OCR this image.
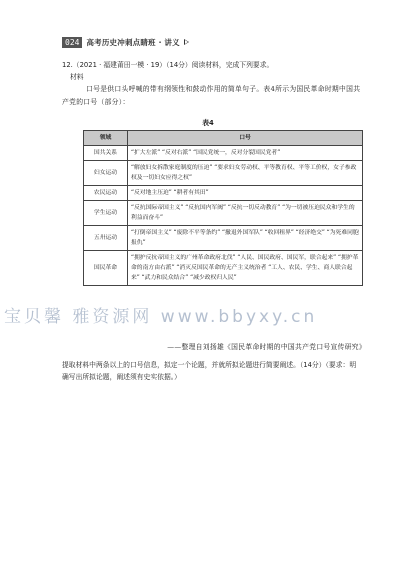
024 高考历史冲刺点睛班 · 讲义
12.（2021 · 福建莆田一模 · 19）（14分）阅读材料，完成下列要求。
材料
口号是供口头呼喊的带有纲领性和鼓动作用的简单句子。表4所示为国民革命时期中国共产党的口号（部分）：
表4
领域	口号
国共关系	“扩大左派” “反对右派” “国民党统一，反对分裂国民党者”
妇女运动	“解放妇女拆散家庭制度的压迫” “要求妇女劳动权、平等教育权、平等工价权，女子参政权及一切妇女应得之权”
农民运动	“反对地主压迫” “耕者有其田”
学生运动	“反抗国际帝国主义” “反抗国内军阀” “反抗一切反动教育” “为一切被压迫民众和学生的利益而奋斗”
五卅运动	“打倒帝国主义” “废除不平等条约” “撤退外国军队” “收回租界” “经济绝交” “为死难同胞报仇”
国民革命	“拥护反抗帝国主义的广州革命政府北伐” “人民、国民政府、国民军，联合起来” “拥护革命的南方由右派” “消灭反国民革命的无产主义统治者 “工人、农民、学生、商人联合起来” “武力和民众结合” “减少政权归人民”
宝贝馨 雅资源网 www.bbyxy.cn
——整理自刘扬雄《国民革命时期的中国共产党口号宣传研究》
提取材料中两条以上的口号信息，拟定一个论题，并就所拟论题进行简要阐述。（14分）（要求：明确写出所拟论题，阐述须有史实依据。）
